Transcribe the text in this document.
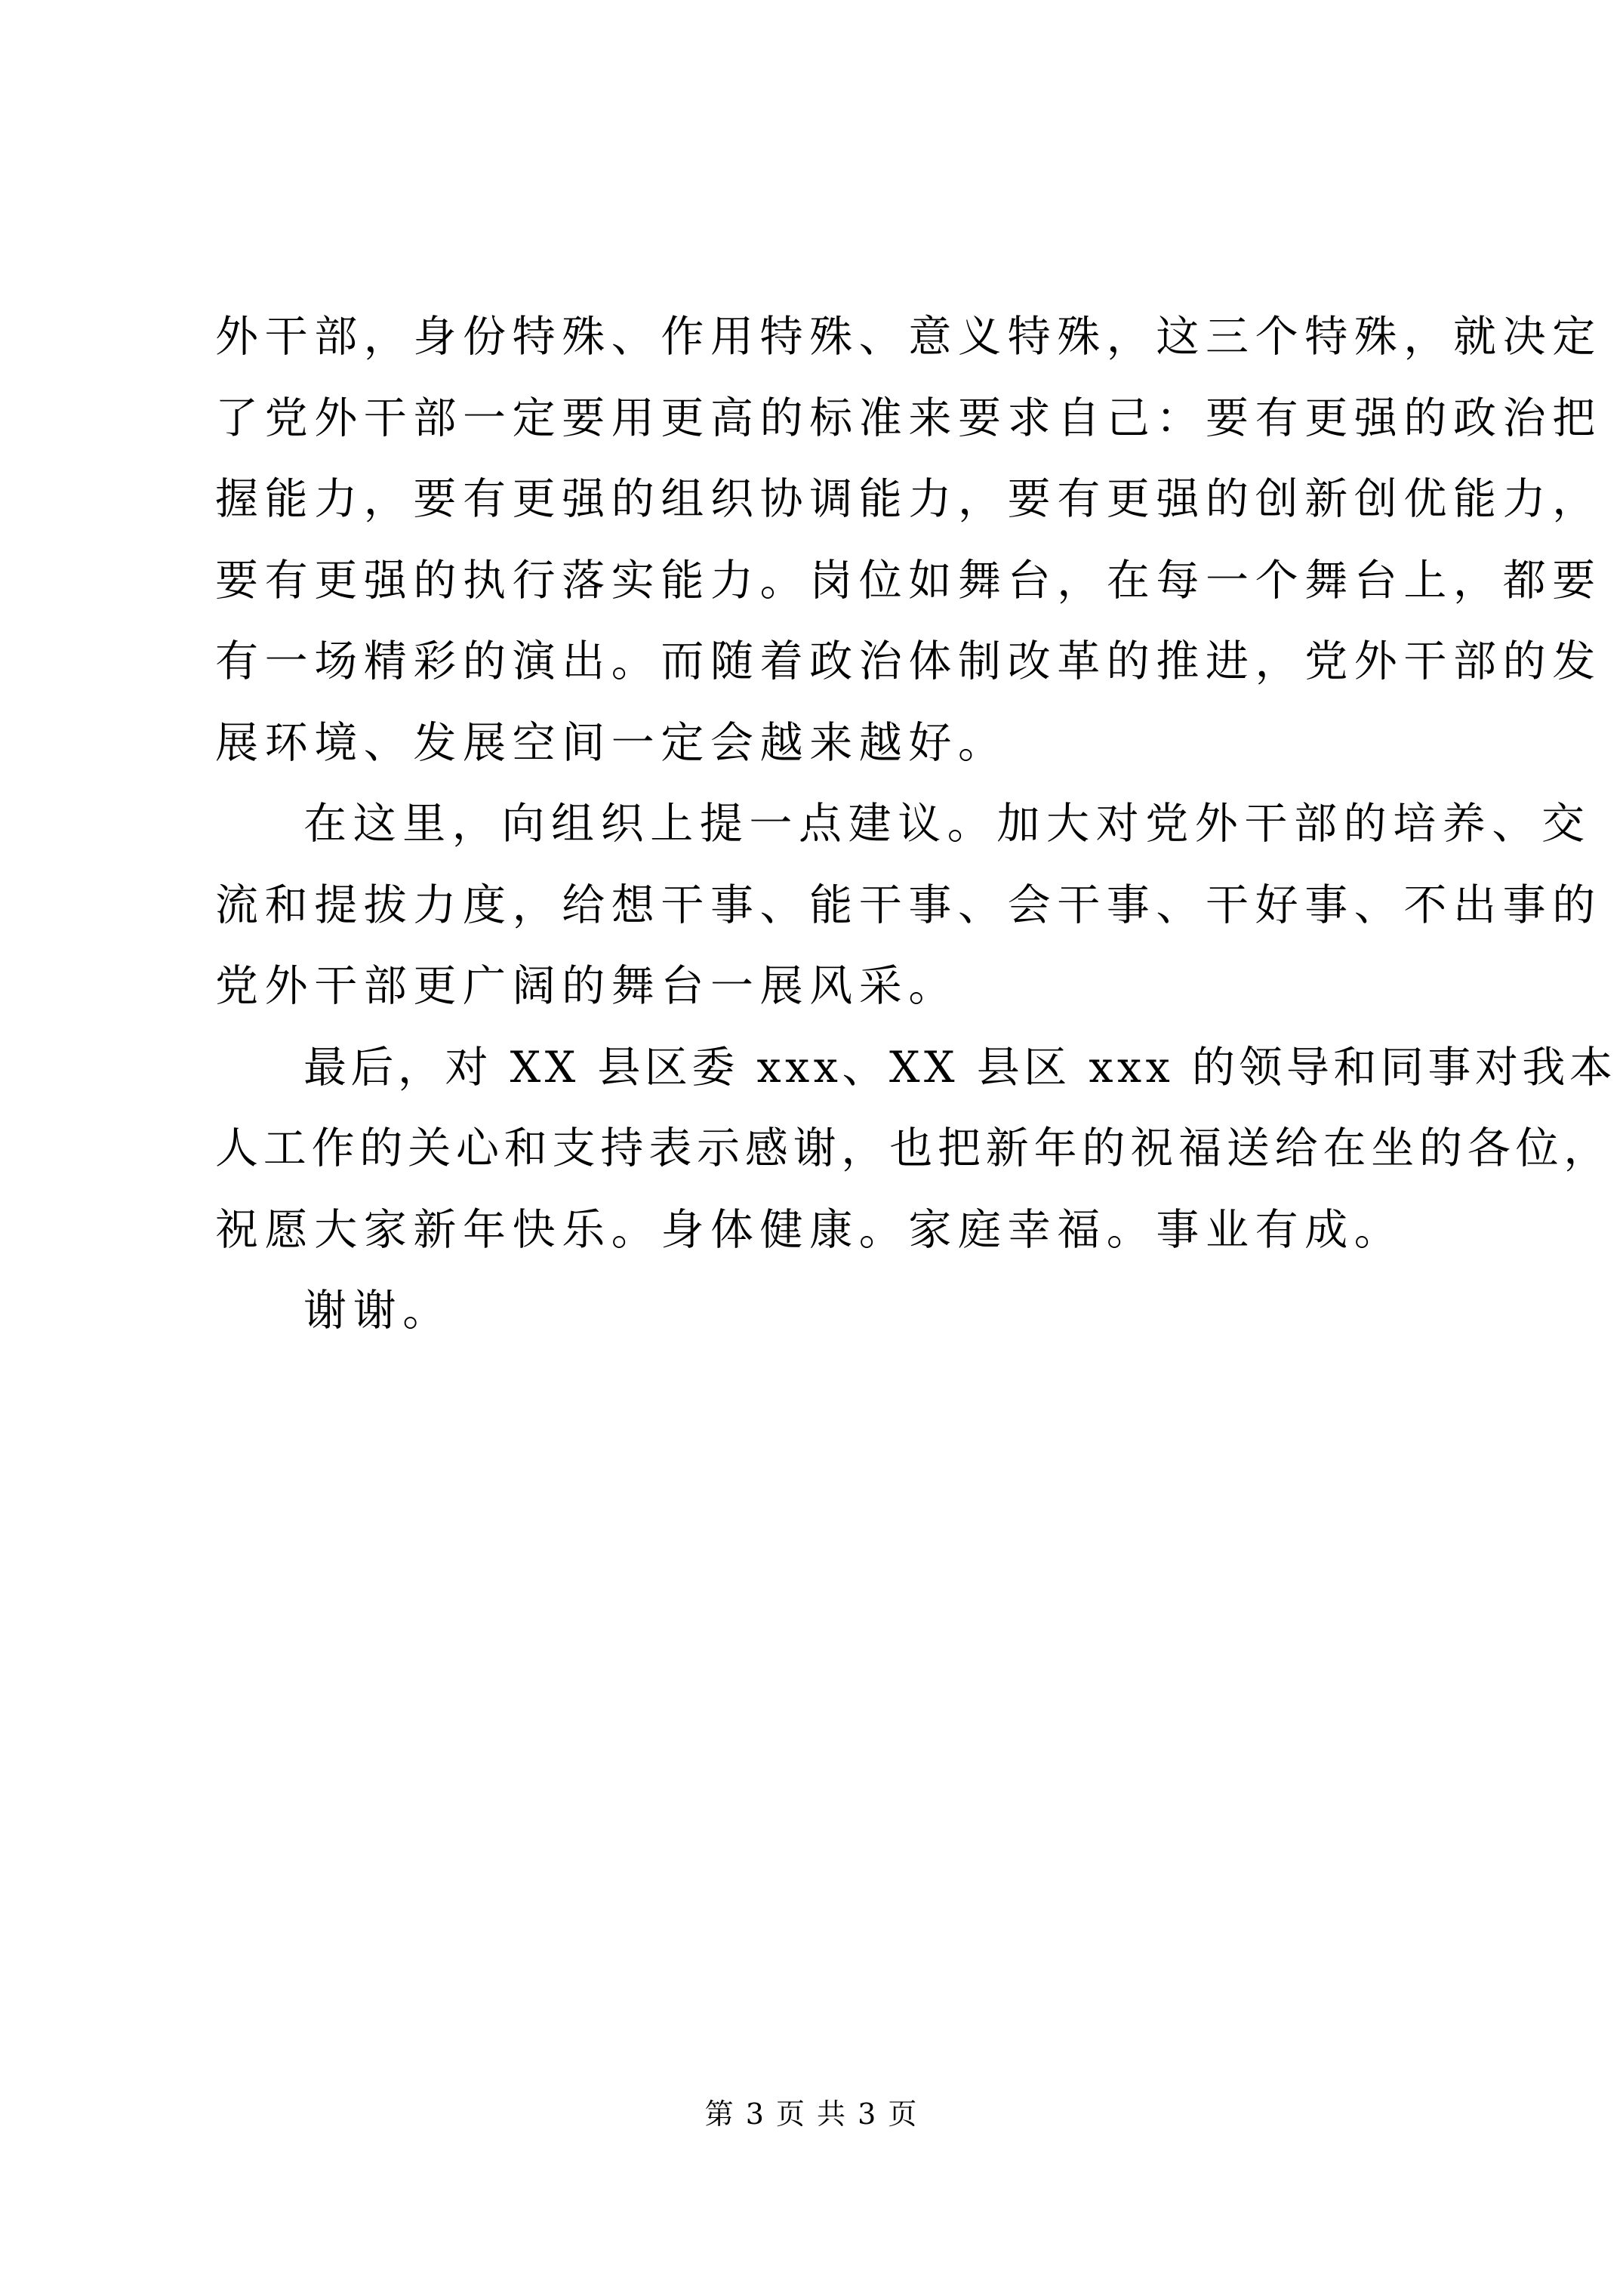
外干部，身份特殊、作用特殊、意义特殊，这三个特殊，就决定
了党外干部一定要用更高的标准来要求自己：要有更强的政治把
握能力，要有更强的组织协调能力，要有更强的创新创优能力，
要有更强的执行落实能力。岗位如舞台，在每一个舞台上，都要
有一场精彩的演出。而随着政治体制改革的推进，党外干部的发
展环境、发展空间一定会越来越好。
在这里，向组织上提一点建议。加大对党外干部的培养、交
流和提拔力度，给想干事、能干事、会干事、干好事、不出事的
党外干部更广阔的舞台一展风采。
最后，对 XX 县区委 xxx、XX 县区 xxx 的领导和同事对我本
人工作的关心和支持表示感谢，也把新年的祝福送给在坐的各位，
祝愿大家新年快乐。身体健康。家庭幸福。事业有成。
谢谢。
第 3 页 共 3 页
